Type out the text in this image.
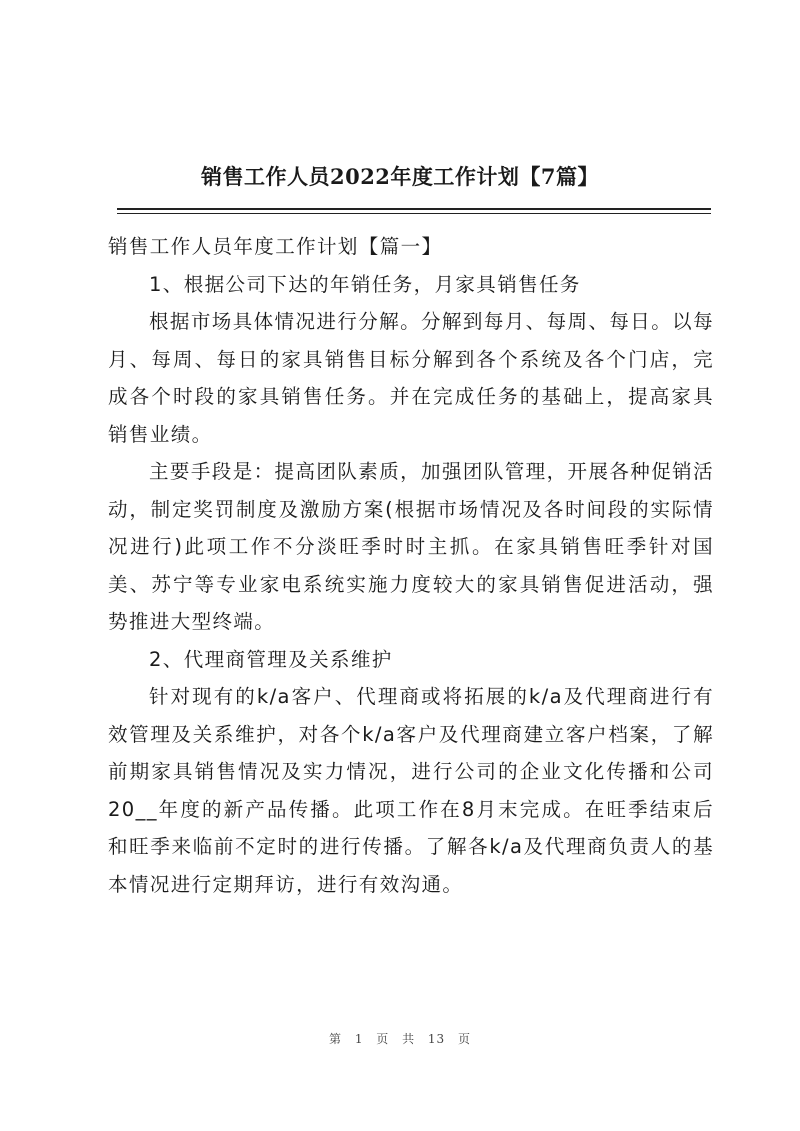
销售工作人员2022年度工作计划【7篇】

销售工作人员年度工作计划【篇一】

1、根据公司下达的年销任务，月家具销售任务

根据市场具体情况进行分解。分解到每月、每周、每日。以每月、每周、每日的家具销售目标分解到各个系统及各个门店，完成各个时段的家具销售任务。并在完成任务的基础上，提高家具销售业绩。

主要手段是：提高团队素质，加强团队管理，开展各种促销活动，制定奖罚制度及激励方案(根据市场情况及各时间段的实际情况进行)此项工作不分淡旺季时时主抓。在家具销售旺季针对国美、苏宁等专业家电系统实施力度较大的家具销售促进活动，强势推进大型终端。

2、代理商管理及关系维护

针对现有的k/a客户、代理商或将拓展的k/a及代理商进行有效管理及关系维护，对各个k/a客户及代理商建立客户档案，了解前期家具销售情况及实力情况，进行公司的企业文化传播和公司20__年度的新产品传播。此项工作在8月末完成。在旺季结束后和旺季来临前不定时的进行传播。了解各k/a及代理商负责人的基本情况进行定期拜访，进行有效沟通。

第 1 页 共 13 页
